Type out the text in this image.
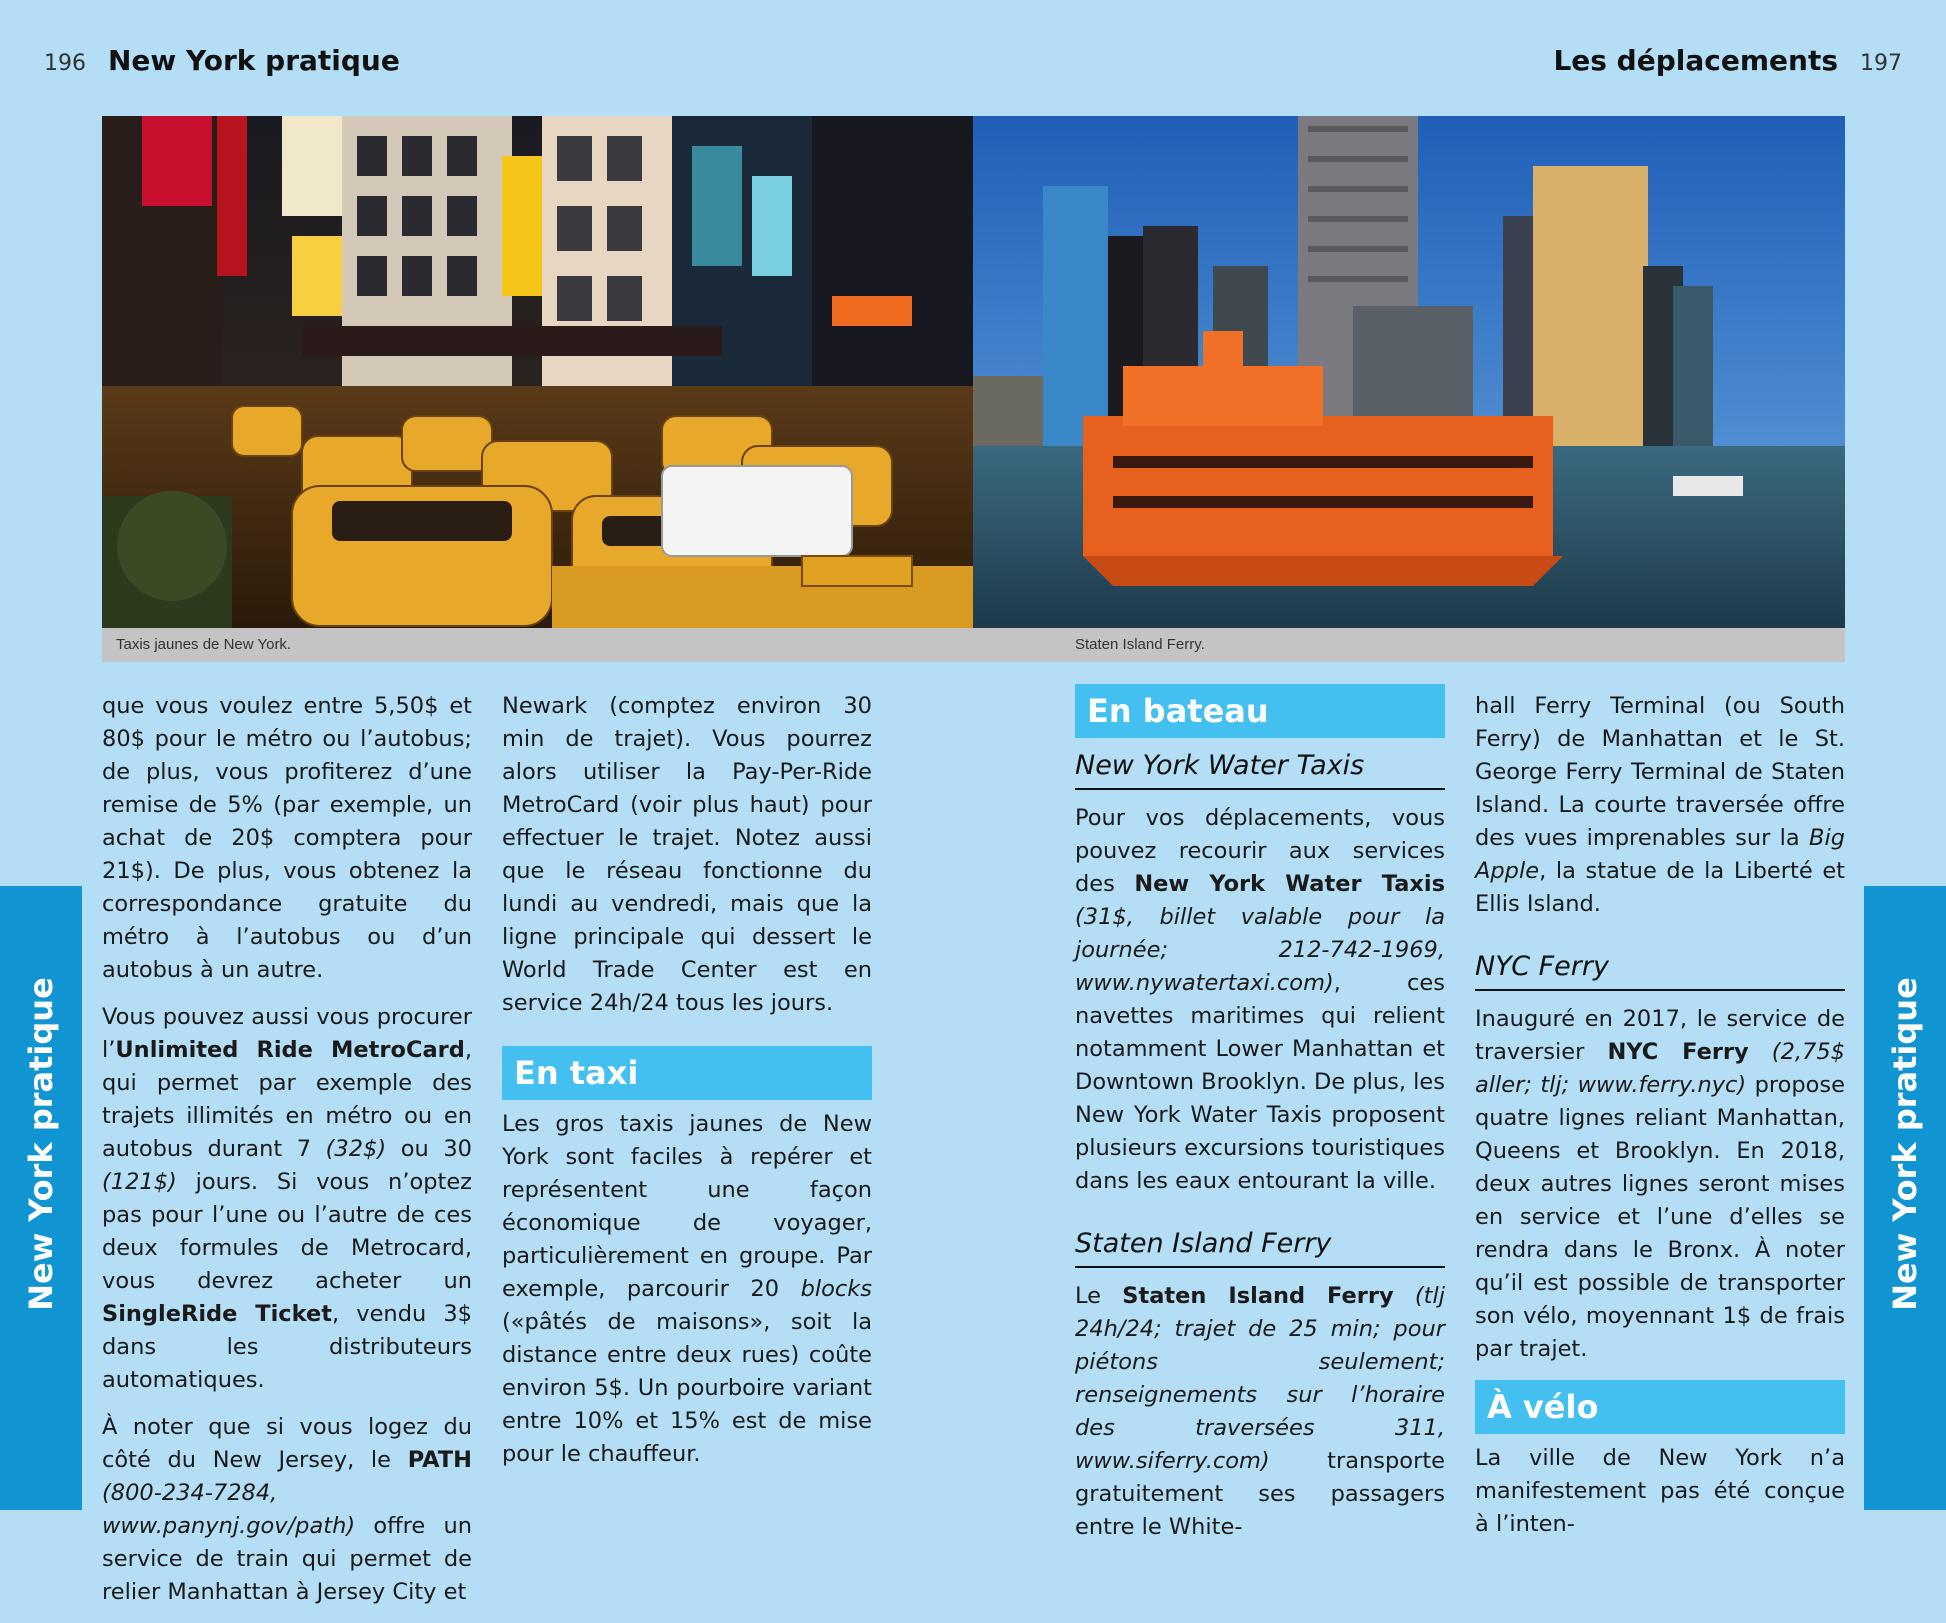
196 New York pratique
Taxis jaunes de New York.
New York pratique

que vous voulez entre 5,50$ et 80$ pour le métro ou l’autobus; de plus, vous profiterez d’une remise de 5% (par exemple, un achat de 20$ comptera pour 21$). De plus, vous obtenez la correspondance gratuite du métro à l’autobus ou d’un autobus à un autre.

Vous pouvez aussi vous procurer l’Unlimited Ride MetroCard, qui permet par exemple des trajets illimités en métro ou en autobus durant 7 (32$) ou 30 (121$) jours. Si vous n’optez pas pour l’une ou l’autre de ces deux formules de Metrocard, vous devrez acheter un SingleRide Ticket, vendu 3$ dans les distributeurs automatiques.

À noter que si vous logez du côté du New Jersey, le PATH (800-234-7284, www.panynj.gov/path) offre un service de train qui permet de relier Manhattan à Jersey City et

Newark (comptez environ 30 min de trajet). Vous pourrez alors utiliser la Pay-Per-Ride MetroCard (voir plus haut) pour effectuer le trajet. Notez aussi que le réseau fonctionne du lundi au vendredi, mais que la ligne principale qui dessert le World Trade Center est en service 24h/24 tous les jours.

En taxi

Les gros taxis jaunes de New York sont faciles à repérer et représentent une façon économique de voyager, particulièrement en groupe. Par exemple, parcourir 20 blocks («pâtés de maisons», soit la distance entre deux rues) coûte environ 5$. Un pourboire variant entre 10% et 15% est de mise pour le chauffeur.

Les déplacements 197
Staten Island Ferry.
New York pratique
En bateau
New York Water Taxis

Pour vos déplacements, vous pouvez recourir aux services des New York Water Taxis (31$, billet valable pour la journée; 212-742-1969, www.nywatertaxi.com), ces navettes maritimes qui relient notamment Lower Manhattan et Downtown Brooklyn. De plus, les New York Water Taxis proposent plusieurs excursions touristiques dans les eaux entourant la ville.

Staten Island Ferry

Le Staten Island Ferry (tlj 24h/24; trajet de 25 min; pour piétons seulement; renseignements sur l’horaire des traversées 311, www.siferry.com) transporte gratuitement ses passagers entre le White-

hall Ferry Terminal (ou South Ferry) de Manhattan et le St. George Ferry Terminal de Staten Island. La courte traversée offre des vues imprenables sur la Big Apple, la statue de la Liberté et Ellis Island.

NYC Ferry

Inauguré en 2017, le service de traversier NYC Ferry (2,75$ aller; tlj; www.ferry.nyc) propose quatre lignes reliant Manhattan, Queens et Brooklyn. En 2018, deux autres lignes seront mises en service et l’une d’elles se rendra dans le Bronx. À noter qu’il est possible de transporter son vélo, moyennant 1$ de frais par trajet.

À vélo

La ville de New York n’a manifestement pas été conçue à l’inten-
